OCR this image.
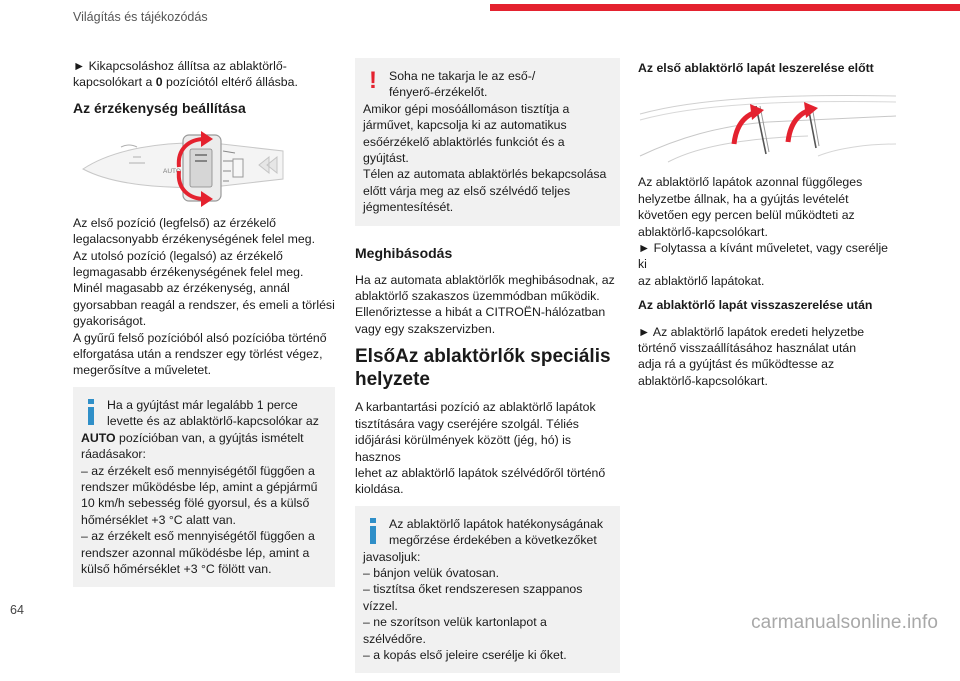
Világítás és tájékozódás
► Kikapcsoláshoz állítsa az ablaktörlő-
kapcsolókart a 0 pozíciótól eltérő állásba.
Az érzékenység beállítása
AUTO
Az első pozíció (legfelső) az érzékelő
legalacsonyabb érzékenységének felel meg.
Az utolsó pozíció (legalsó) az érzékelő
legmagasabb érzékenységének felel meg.
Minél magasabb az érzékenység, annál
gyorsabban reagál a rendszer, és emeli a törlési
gyakoriságot.
A gyűrű felső pozícióból alsó pozícióba történő
elforgatása után a rendszer egy törlést végez,
megerősítve a műveletet.
Ha a gyújtást már legalább 1 perce
levette és az ablaktörlő-kapcsolókar az
AUTO pozícióban van, a gyújtás ismételt
ráadásakor:
– az érzékelt eső mennyiségétől függően a
rendszer működésbe lép, amint a gépjármű
10 km/h sebesség fölé gyorsul, és a külső
hőmérséklet +3 °C alatt van.
– az érzékelt eső mennyiségétől függően a
rendszer azonnal működésbe lép, amint a
külső hőmérséklet +3 °C fölött van.
! Soha ne takarja le az eső-/
fényerő-érzékelőt.
Amikor gépi mosóállomáson tisztítja a
járművet, kapcsolja ki az automatikus
esőérzékelő ablaktörlés funkciót és a gyújtást.
Télen az automata ablaktörlés bekapcsolása
előtt várja meg az első szélvédő teljes
jégmentesítését.
Meghibásodás
Ha az automata ablaktörlők meghibásodnak, az
ablaktörlő szakaszos üzemmódban működik.
Ellenőriztesse a hibát a CITROËN-hálózatban
vagy egy szakszervizben.
ElsőAz ablaktörlők speciális
helyzete
A karbantartási pozíció az ablaktörlő lapátok
tisztítására vagy cseréjére szolgál. Téliés
időjárási körülmények között (jég, hó) is hasznos
lehet az ablaktörlő lapátok szélvédőről történő
kioldása.
Az ablaktörlő lapátok hatékonyságának
megőrzése érdekében a következőket
javasoljuk:
– bánjon velük óvatosan.
– tisztítsa őket rendszeresen szappanos
vízzel.
– ne szorítson velük kartonlapot a
szélvédőre.
– a kopás első jeleire cserélje ki őket.
Az első ablaktörlő lapát leszerelése előtt
Az ablaktörlő lapátok azonnal függőleges
helyzetbe állnak, ha a gyújtás levételét
követően egy percen belül működteti az
ablaktörlő-kapcsolókart.
► Folytassa a kívánt műveletet, vagy cserélje ki
az ablaktörlő lapátokat.
Az ablaktörlő lapát visszaszerelése után
► Az ablaktörlő lapátok eredeti helyzetbe
történő visszaállításához használat után
adja rá a gyújtást és működtesse az
ablaktörlő-kapcsolókart.
64
carmanualsonline.info
